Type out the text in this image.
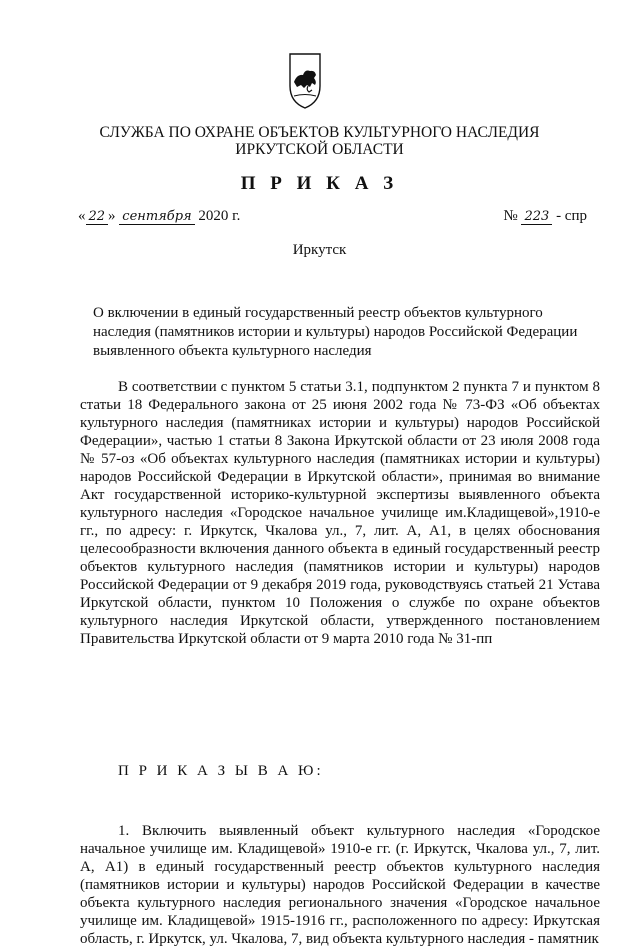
СЛУЖБА ПО ОХРАНЕ ОБЪЕКТОВ КУЛЬТУРНОГО НАСЛЕДИЯ
ИРКУТСКОЙ ОБЛАСТИ
П Р И К А З
« 22 » сентября 2020 г.	№ 223 - спр
Иркутск
О включении в единый государственный реестр объектов культурного наследия (памятников истории и культуры) народов Российской Федерации выявленного объекта культурного наследия

В соответствии с пунктом 5 статьи 3.1, подпунктом 2 пункта 7 и пунктом 8 статьи 18 Федерального закона от 25 июня 2002 года № 73-ФЗ «Об объектах культурного наследия (памятниках истории и культуры) народов Российской Федерации», частью 1 статьи 8 Закона Иркутской области от 23 июля 2008 года № 57-оз «Об объектах культурного наследия (памятниках истории и культуры) народов Российской Федерации в Иркутской области», принимая во внимание Акт государственной историко-культурной экспертизы выявленного объекта культурного наследия «Городское начальное училище им.Кладищевой»,1910-е гг., по адресу: г. Иркутск, Чкалова ул., 7, лит. А, А1, в целях обоснования целесообразности включения данного объекта в единый государственный реестр объектов культурного наследия (памятников истории и культуры) народов Российской Федерации от 9 декабря 2019 года, руководствуясь статьей 21 Устава Иркутской области, пунктом 10 Положения о службе по охране объектов культурного наследия Иркутской области, утвержденного постановлением Правительства Иркутской области от 9 марта 2010 года № 31-пп

П Р И К А З Ы В А Ю:

1. Включить выявленный объект культурного наследия «Городское начальное училище им. Кладищевой» 1910-е гг. (г. Иркутск, Чкалова ул., 7, лит. А, А1) в единый государственный реестр объектов культурного наследия (памятников истории и культуры) народов Российской Федерации в качестве объекта культурного наследия регионального значения «Городское начальное училище им. Кладищевой» 1915-1916 гг., расположенного по адресу: Иркутская область, г. Иркутск, ул. Чкалова, 7, вид объекта культурного наследия - памятник
